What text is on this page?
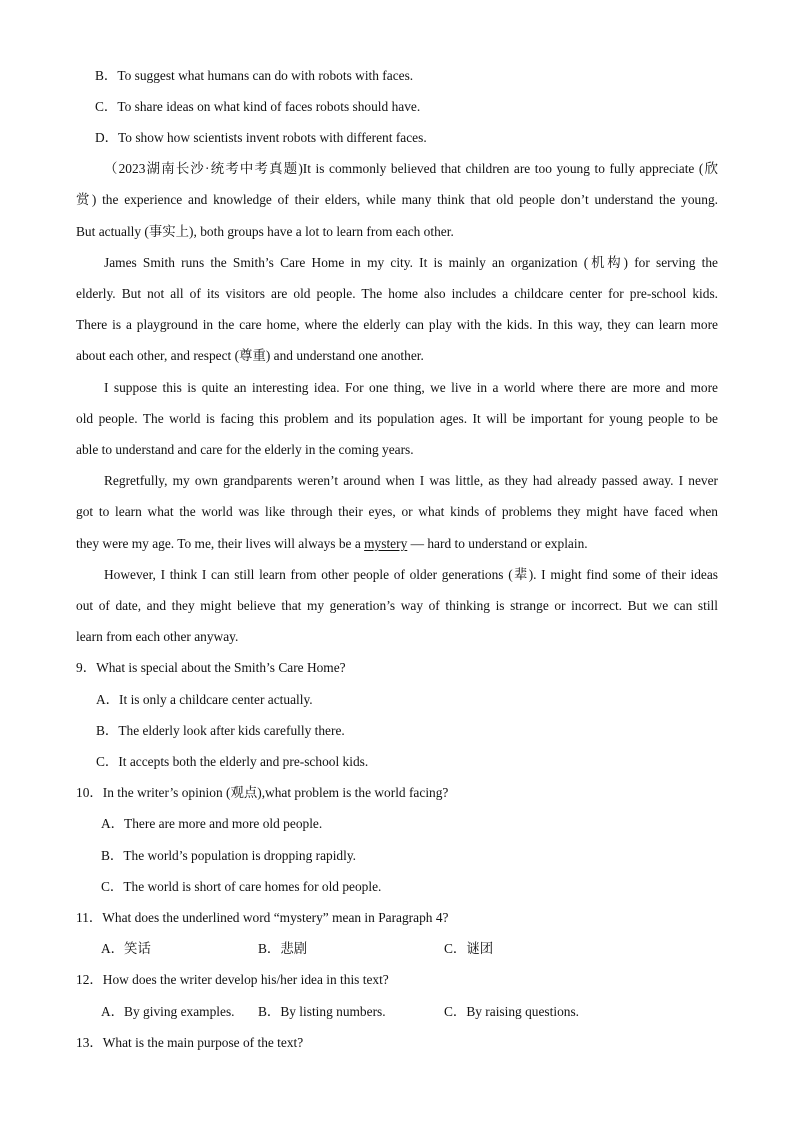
B．To suggest what humans can do with robots with faces.
C．To share ideas on what kind of faces robots should have.
D．To show how scientists invent robots with different faces.
（2023湖南长沙·统考中考真题)It is commonly believed that children are too young to fully appreciate (欣
赏) the experience and knowledge of their elders, while many think that old people don’t understand the young.
But actually (事实上), both groups have a lot to learn from each other.
James Smith runs the Smith’s Care Home in my city. It is mainly an organization (机构) for serving the
elderly. But not all of its visitors are old people. The home also includes a childcare center for pre-school kids.
There is a playground in the care home, where the elderly can play with the kids. In this way, they can learn more
about each other, and respect (尊重) and understand one another.
I suppose this is quite an interesting idea. For one thing, we live in a world where there are more and more
old people. The world is facing this problem and its population ages. It will be important for young people to be
able to understand and care for the elderly in the coming years.
Regretfully, my own grandparents weren’t around when I was little, as they had already passed away. I never
got to learn what the world was like through their eyes, or what kinds of problems they might have faced when
they were my age. To me, their lives will always be a mystery — hard to understand or explain.
However, I think I can still learn from other people of older generations (辈). I might find some of their ideas
out of date, and they might believe that my generation’s way of thinking is strange or incorrect. But we can still
learn from each other anyway.
9．What is special about the Smith’s Care Home?
A．It is only a childcare center actually.
B．The elderly look after kids carefully there.
C．It accepts both the elderly and pre-school kids.
10．In the writer’s opinion (观点),what problem is the world facing?
A．There are more and more old people.
B．The world’s population is dropping rapidly.
C．The world is short of care homes for old people.
11．What does the underlined word “mystery” mean in Paragraph 4?
A．笑话	B．悲剧	C．谜团
12．How does the writer develop his/her idea in this text?
A．By giving examples. B．By listing numbers.	C．By raising questions.
13．What is the main purpose of the text?
